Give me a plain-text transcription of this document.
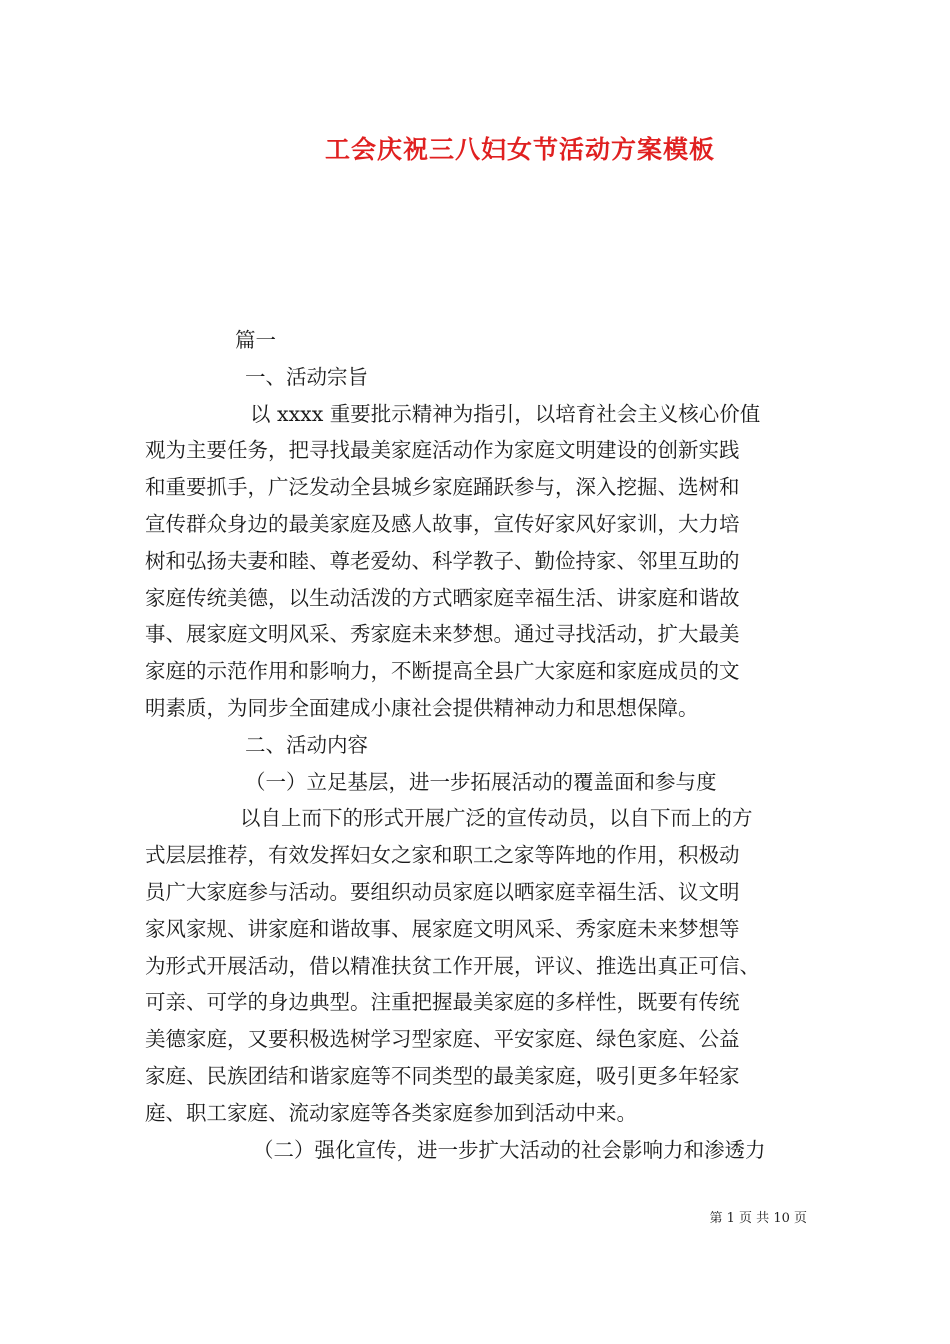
工会庆祝三八妇女节活动方案模板
篇一
一、活动宗旨
以 xxxx 重要批示精神为指引，以培育社会主义核心价值
观为主要任务，把寻找最美家庭活动作为家庭文明建设的创新实践
和重要抓手，广泛发动全县城乡家庭踊跃参与，深入挖掘、选树和
宣传群众身边的最美家庭及感人故事，宣传好家风好家训，大力培
树和弘扬夫妻和睦、尊老爱幼、科学教子、勤俭持家、邻里互助的
家庭传统美德，以生动活泼的方式晒家庭幸福生活、讲家庭和谐故
事、展家庭文明风采、秀家庭未来梦想。通过寻找活动，扩大最美
家庭的示范作用和影响力，不断提高全县广大家庭和家庭成员的文
明素质，为同步全面建成小康社会提供精神动力和思想保障。
二、活动内容
（一）立足基层，进一步拓展活动的覆盖面和参与度
以自上而下的形式开展广泛的宣传动员，以自下而上的方
式层层推荐，有效发挥妇女之家和职工之家等阵地的作用，积极动
员广大家庭参与活动。要组织动员家庭以晒家庭幸福生活、议文明
家风家规、讲家庭和谐故事、展家庭文明风采、秀家庭未来梦想等
为形式开展活动，借以精准扶贫工作开展，评议、推选出真正可信、
可亲、可学的身边典型。注重把握最美家庭的多样性，既要有传统
美德家庭，又要积极选树学习型家庭、平安家庭、绿色家庭、公益
家庭、民族团结和谐家庭等不同类型的最美家庭，吸引更多年轻家
庭、职工家庭、流动家庭等各类家庭参加到活动中来。
（二）强化宣传，进一步扩大活动的社会影响力和渗透力
第 1 页 共 10 页
